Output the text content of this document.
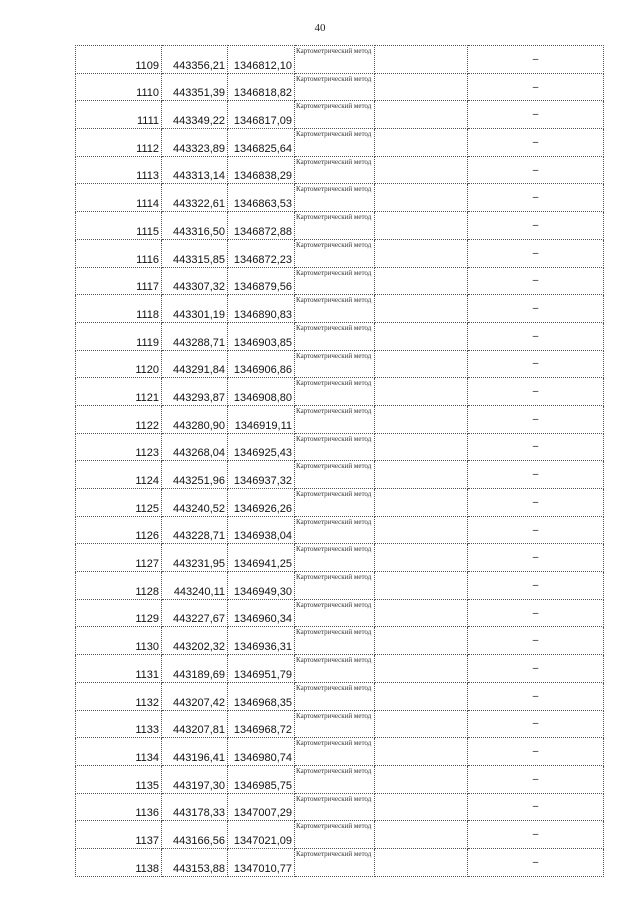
40
1109	443356,21	1346812,10	Картометрический метод		–
1110	443351,39	1346818,82	Картометрический метод		–
1111	443349,22	1346817,09	Картометрический метод		–
1112	443323,89	1346825,64	Картометрический метод		–
1113	443313,14	1346838,29	Картометрический метод		–
1114	443322,61	1346863,53	Картометрический метод		–
1115	443316,50	1346872,88	Картометрический метод		–
1116	443315,85	1346872,23	Картометрический метод		–
1117	443307,32	1346879,56	Картометрический метод		–
1118	443301,19	1346890,83	Картометрический метод		–
1119	443288,71	1346903,85	Картометрический метод		–
1120	443291,84	1346906,86	Картометрический метод		–
1121	443293,87	1346908,80	Картометрический метод		–
1122	443280,90	1346919,11	Картометрический метод		–
1123	443268,04	1346925,43	Картометрический метод		–
1124	443251,96	1346937,32	Картометрический метод		–
1125	443240,52	1346926,26	Картометрический метод		–
1126	443228,71	1346938,04	Картометрический метод		–
1127	443231,95	1346941,25	Картометрический метод		–
1128	443240,11	1346949,30	Картометрический метод		–
1129	443227,67	1346960,34	Картометрический метод		–
1130	443202,32	1346936,31	Картометрический метод		–
1131	443189,69	1346951,79	Картометрический метод		–
1132	443207,42	1346968,35	Картометрический метод		–
1133	443207,81	1346968,72	Картометрический метод		–
1134	443196,41	1346980,74	Картометрический метод		–
1135	443197,30	1346985,75	Картометрический метод		–
1136	443178,33	1347007,29	Картометрический метод		–
1137	443166,56	1347021,09	Картометрический метод		–
1138	443153,88	1347010,77	Картометрический метод		–
